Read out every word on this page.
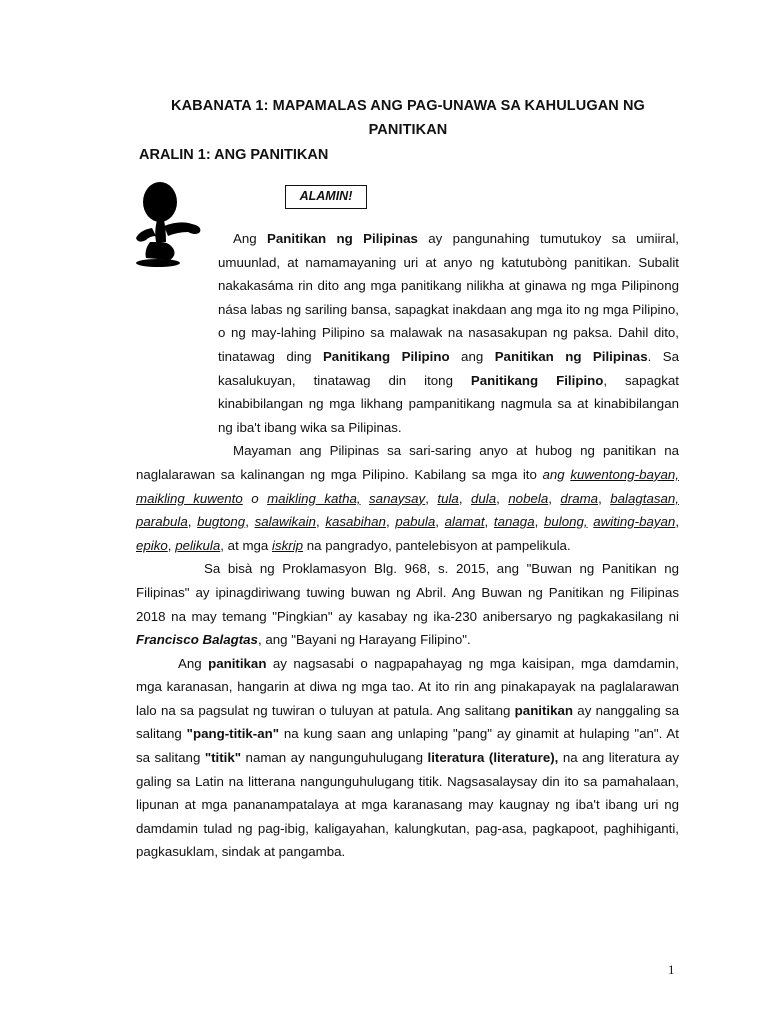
KABANATA 1: MAPAMALAS ANG PAG-UNAWA SA KAHULUGAN NG
PANITIKAN
ARALIN 1: ANG PANITIKAN
ALAMIN!

Ang Panitikan ng Pilipinas ay pangunahing tumutukoy sa umiiral, umuunlad, at namamayaning uri at anyo ng katutubòng panitikan. Subalit nakakasáma rin dito ang mga panitikang nilikha at ginawa ng mga Pilipinong nása labas ng sariling bansa, sapagkat inakdaan ang mga ito ng mga Pilipino, o ng may-lahing Pilipino sa malawak na nasasakupan ng paksa. Dahil dito, tinatawag ding Panitikang Pilipino ang Panitikan ng Pilipinas. Sa kasalukuyan, tinatawag din itong Panitikang Filipino, sapagkat kinabibilangan ng mga likhang pampanitikang nagmula sa at kinabibilangan ng iba't ibang wika sa Pilipinas.

Mayaman ang Pilipinas sa sari-saring anyo at hubog ng panitikan na naglalarawan sa kalinangan ng mga Pilipino. Kabilang sa mga ito ang kuwentong-bayan, maikling kuwento o maikling katha, sanaysay, tula, dula, nobela, drama, balagtasan, parabula, bugtong, salawikain, kasabihan, pabula, alamat, tanaga, bulong, awiting-bayan, epiko, pelikula, at mga iskrip na pangradyo, pantelebisyon at pampelikula.

Sa bisà ng Proklamasyon Blg. 968, s. 2015, ang "Buwan ng Panitikan ng Filipinas" ay ipinagdiriwang tuwing buwan ng Abril. Ang Buwan ng Panitikan ng Filipinas 2018 na may temang "Pingkian" ay kasabay ng ika-230 anibersaryo ng pagkakasilang ni Francisco Balagtas, ang "Bayani ng Harayang Filipino".

Ang panitikan ay nagsasabi o nagpapahayag ng mga kaisipan, mga damdamin, mga karanasan, hangarin at diwa ng mga tao. At ito rin ang pinakapayak na paglalarawan lalo na sa pagsulat ng tuwiran o tuluyan at patula. Ang salitang panitikan ay nanggaling sa salitang "pang-titik-an" na kung saan ang unlaping "pang" ay ginamit at hulaping "an". At sa salitang "titik" naman ay nangunguhulugang literatura (literature), na ang literatura ay galing sa Latin na litterana nangunguhulugang titik. Nagsasalaysay din ito sa pamahalaan, lipunan at mga pananampatalaya at mga karanasang may kaugnay ng iba't ibang uri ng damdamin tulad ng pag-ibig, kaligayahan, kalungkutan, pag-asa, pagkapoot, paghihiganti, pagkasuklam, sindak at pangamba.

1
